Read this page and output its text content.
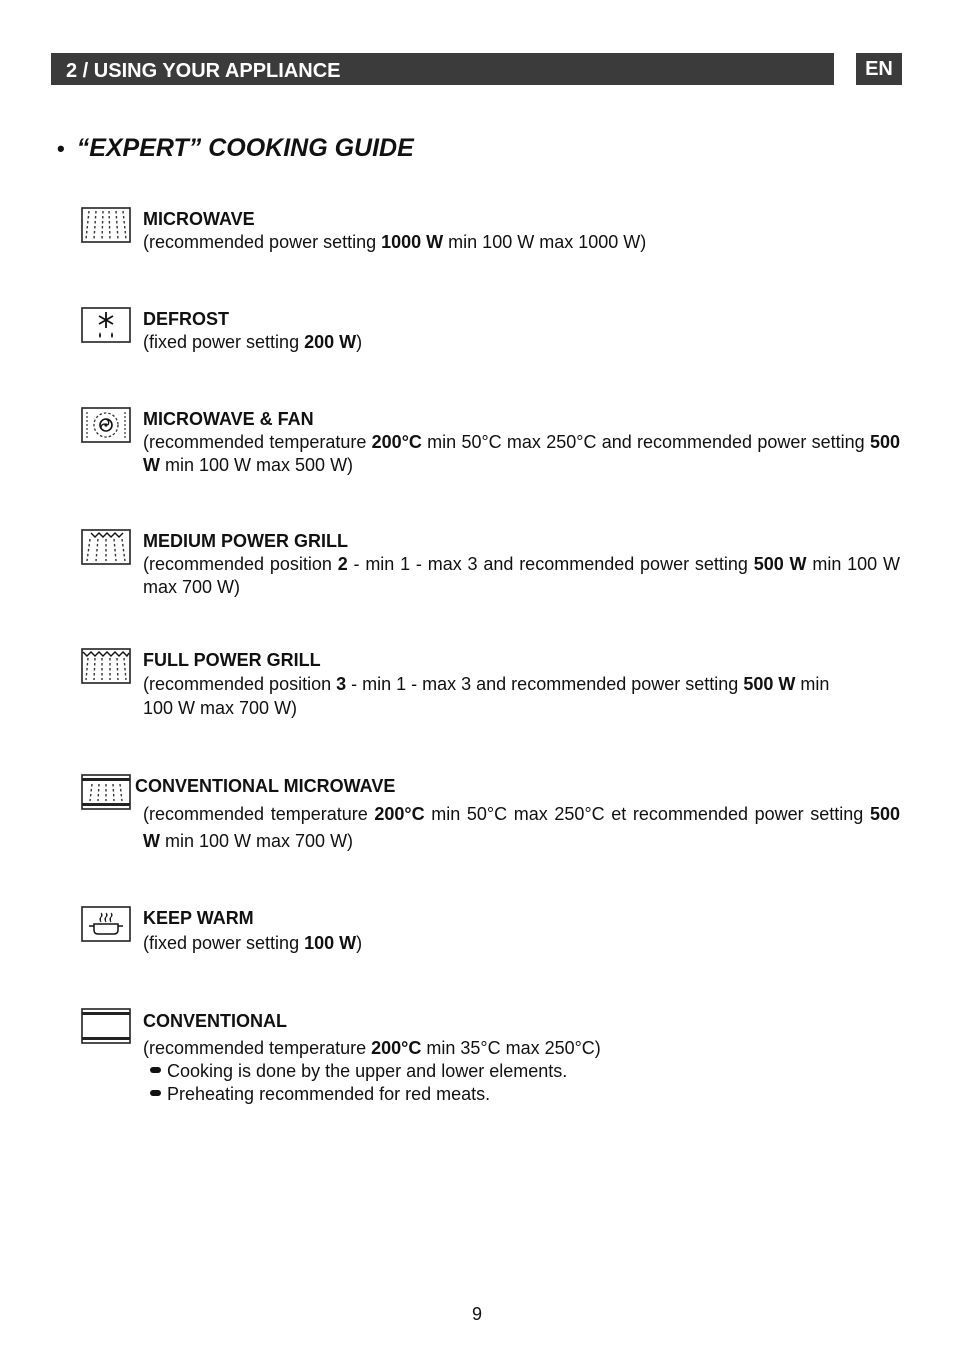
2 / USING YOUR APPLIANCE	EN
• “EXPERT” COOKING GUIDE
MICROWAVE
(recommended power setting 1000 W min 100 W max 1000 W)
DEFROST
(fixed power setting 200 W)
MICROWAVE & FAN
(recommended temperature 200°C min 50°C max 250°C and recommended power setting 500 W min 100 W max 500 W)
MEDIUM POWER GRILL
(recommended position 2 - min 1 - max 3 and recommended power setting 500 W min 100 W max 700 W)
FULL POWER GRILL
(recommended position 3 - min 1 - max 3 and recommended power setting 500 W min
100 W max 700 W)
CONVENTIONAL MICROWAVE
(recommended temperature 200°C min 50°C max 250°C et recommended power setting 500 W min 100 W max 700 W)
KEEP WARM
(fixed power setting 100 W)
CONVENTIONAL
(recommended temperature 200°C min 35°C max 250°C)
Cooking is done by the upper and lower elements.
Preheating recommended for red meats.
9
